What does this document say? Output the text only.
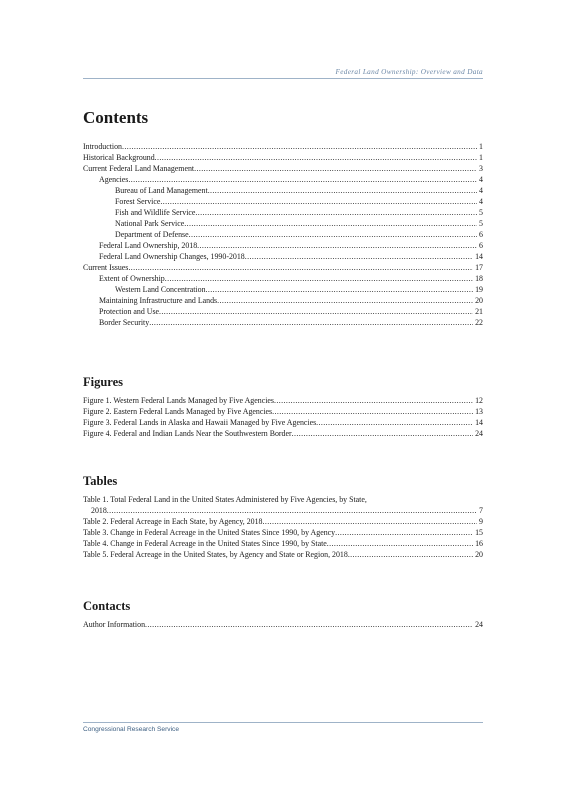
Federal Land Ownership: Overview and Data
Contents
Introduction .....	1
Historical Background .....	1
Current Federal Land Management .....	3
Agencies .....	4
Bureau of Land Management .....	4
Forest Service .....	4
Fish and Wildlife Service .....	5
National Park Service .....	5
Department of Defense .....	6
Federal Land Ownership, 2018 .....	6
Federal Land Ownership Changes, 1990-2018 .....	14
Current Issues .....	17
Extent of Ownership .....	18
Western Land Concentration .....	19
Maintaining Infrastructure and Lands .....	20
Protection and Use .....	21
Border Security .....	22
Figures
Figure 1. Western Federal Lands Managed by Five Agencies .....	12
Figure 2. Eastern Federal Lands Managed by Five Agencies .....	13
Figure 3. Federal Lands in Alaska and Hawaii Managed by Five Agencies .....	14
Figure 4. Federal and Indian Lands Near the Southwestern Border .....	24
Tables
Table 1. Total Federal Land in the United States Administered by Five Agencies, by State,
2018 .....	7
Table 2. Federal Acreage in Each State, by Agency, 2018 .....	9
Table 3. Change in Federal Acreage in the United States Since 1990, by Agency .....	15
Table 4. Change in Federal Acreage in the United States Since 1990, by State .....	16
Table 5. Federal Acreage in the United States, by Agency and State or Region, 2018 .....	20
Contacts
Author Information .....	24
Congressional Research Service
